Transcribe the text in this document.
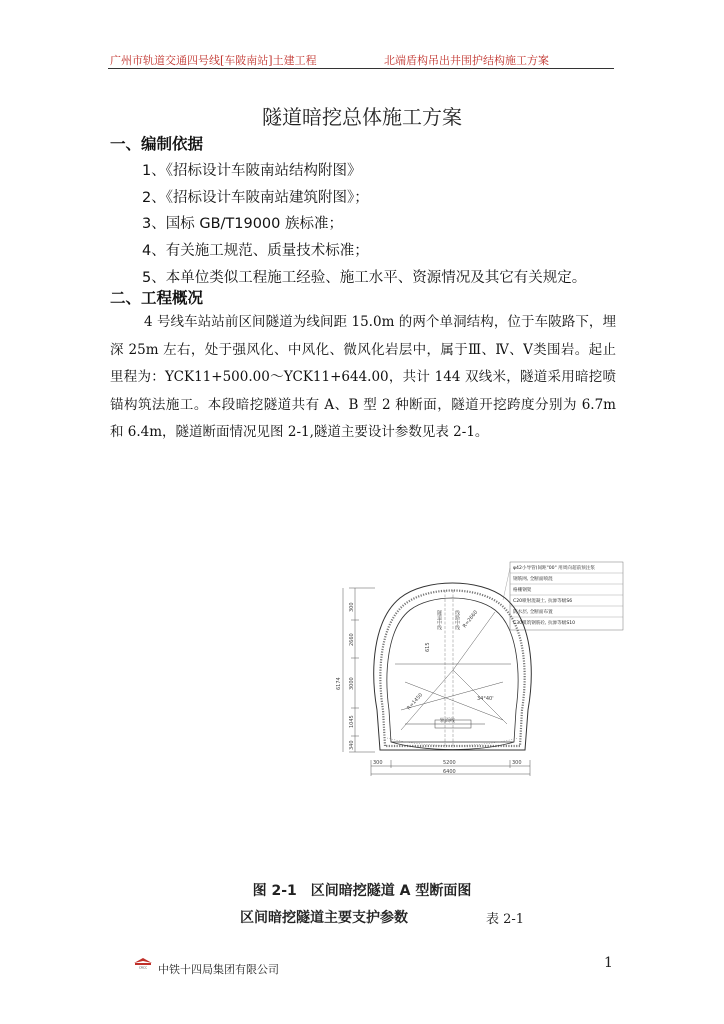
广州市轨道交通四号线[车陂南站]土建工程	北端盾构吊出井围护结构施工方案
隧道暗挖总体施工方案
一、编制依据
1、《招标设计车陂南站结构附图》
2、《招标设计车陂南站建筑附图》；
3、国标 GB/T19000 族标准；
4、有关施工规范、质量技术标准；
5、本单位类似工程施工经验、施工水平、资源情况及其它有关规定。
二、工程概况
4 号线车站站前区间隧道为线间距 15.0m 的两个单洞结构，位于车陂路下，埋深 25m 左右，处于强风化、中风化、微风化岩层中，属于Ⅲ、Ⅳ、Ⅴ类围岩。起止里程为：YCK11+500.00～YCK11+644.00，共计 144 双线米，隧道采用暗挖喷锚构筑法施工。本段暗挖隧道共有 A、B 型 2 种断面，隧道开挖跨度分别为 6.7m 和 6.4m，隧道断面情况见图 2-1,隧道主要设计参数见表 2-1。
隧道中线 线路中线 R=2660
R=1450	34°40'
轨面线
615
6174
300
2660
3000
1045
340
300	5200	300
6400
φ42小导管(间距"00" 用周向超前预注浆
钢筋网, 全断面喷混
格栅钢架
C20喷射混凝土, 抗渗等级S6
防水层, 全断面布置
C30模筑钢筋砼, 抗渗等级S10
图 2-1　区间暗挖隧道 A 型断面图
区间暗挖隧道主要支护参数	表 2-1
CRCC 中铁十四局集团有限公司	1
